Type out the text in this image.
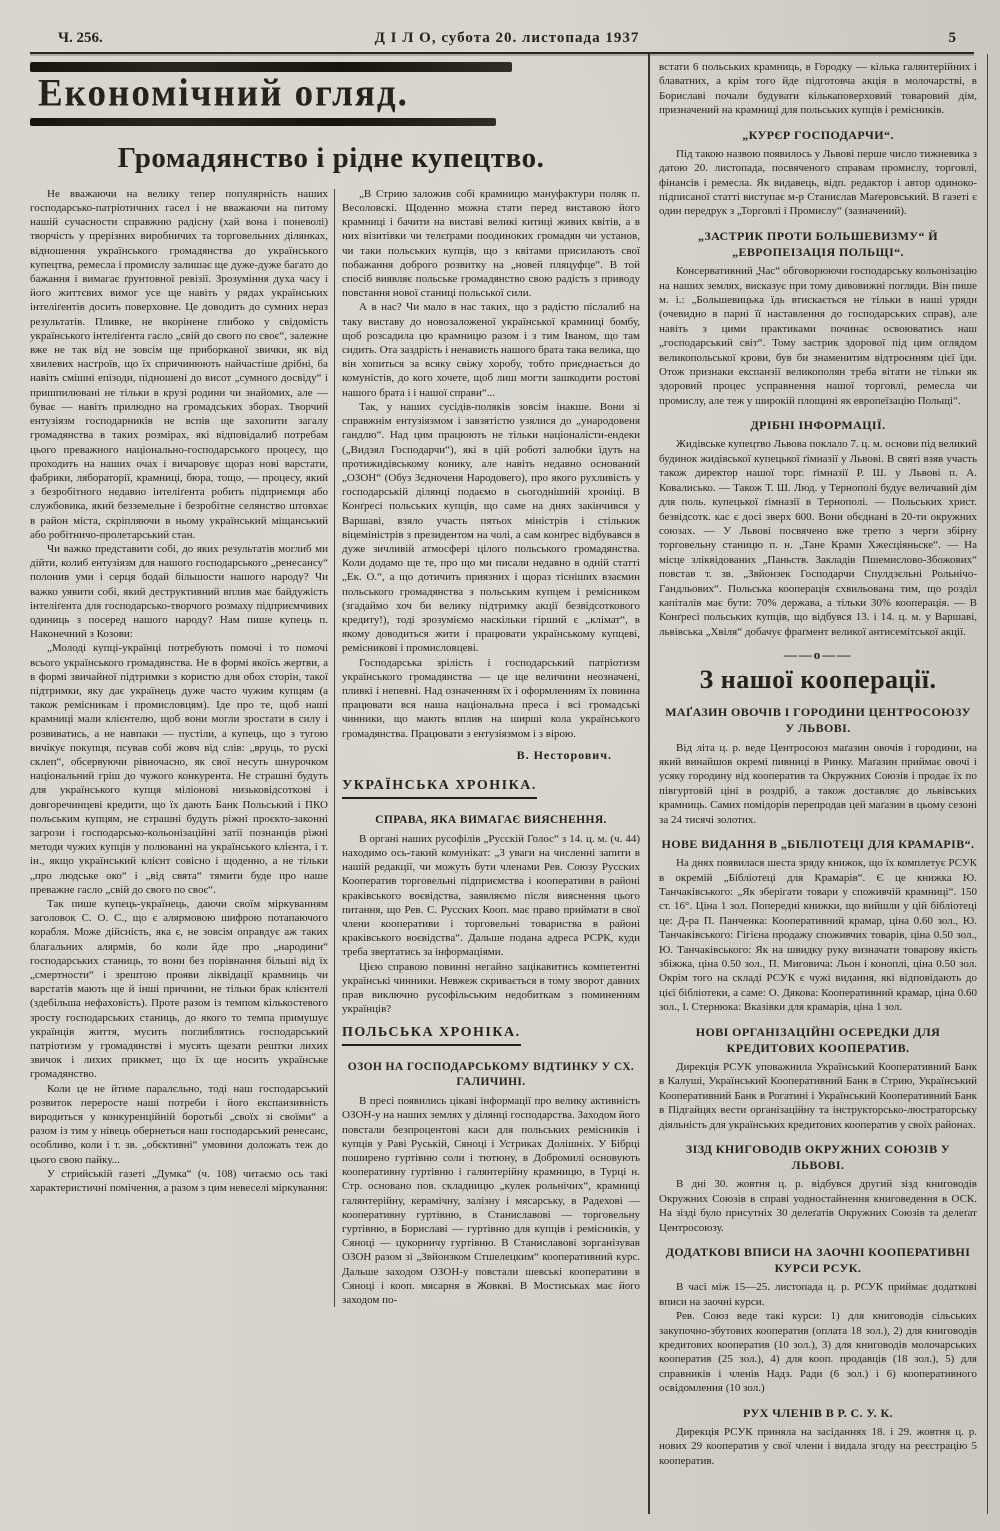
Ч. 256.	Д І Л О, субота 20. листопада 1937	5
Економічний огляд.
Громадянство і рідне купецтво.

Не вважаючи на велику тепер популярність наших господарсько-патріотичних гасел і не вважаючи на питому нашій сучасности справжню радісну (хай вона і поневолі) творчість у прерізних виробничих та торговельних ділянках, відношення українського громадянства до українського купецтва, ремесла і промислу залишає ще дуже-дуже багато до бажання і вимагає ґрунтовної ревізії. Зрозуміння духа часу і його життєвих вимог усе ще навіть у рядах українських інтеліґентів досить поверховне. Це доводить до сумних нераз результатів. Пливке, не вкорінене глибоко у свідомість українського інтеліґента гасло „свій до свого по своє“, залежне вже не так від не зовсім ще приборканої звички, як від хвилевих настроїв, що їх спричинюють найчастіше дрібні, ба навіть смішні епізоди, підношені до висот „сумного досвіду“ і пришпилювані не тільки в крузі родини чи знайомих, але — буває — навіть прилюдно на громадських зборах. Творчий ентузіязм господарників не вспів ще захопити загалу громадянства в таких розмірах, які відповідалиб потребам цього преважного національно-господарського процесу, що проходить на наших очах і вичаровує щораз нові варстати, фабрики, лябораторії, крамниці, бюра, тощо, — процесу, який з безробітного недавно інтеліґента робить підприємця або службовика, який безземельне і безробітне селянство штовхає в район міста, скріпляючи в ньому український міщанський або робітничо-пролетарський стан.

Чи важко представити собі, до яких результатів моглиб ми дійти, колиб ентузіязм для нашого господарського „ренесансу“ полонив уми і серця бодай більшости нашого народу? Чи важко уявити собі, який деструктивний вплив має байдужість інтеліґента для господарсько-творчого розмаху підприємчивих одиниць з посеред нашого народу? Нам пише купець п. Наконечний з Козови:

„Молоді купці-українці потребують помочі і то помочі всього українського громадянства. Не в формі якоїсь жертви, а в формі звичайної підтримки з користю для обох сторін, такої підтримки, яку дає українець дуже часто чужим купцям (а також ремісникам і промисловцям). Іде про те, щоб наші крамниці мали клієнтелю, щоб вони могли зростати в силу і розвиватись, а не навпаки — пустіли, а купець, що з тугою вичікує покупця, псував собі жовч від слів: „вруць, то рускі склеп“, обсервуючи рівночасно, як свої несуть шнурочком національний гріш до чужого конкурента. Не страшні будуть для українського купця міліонові низьковідсоткові і довгоречинцеві кредити, що їх дають Банк Польський і ПКО польським купцям, не страшні будуть ріжні проєкто-законні загрози і господарсько-кольонізаційні затії познанців ріжні методи чужих купців у полюванні на українського клієнта, і т. ін., якщо український клієнт совісно і щоденно, а не тільки „про людське око“ і „від свята“ тямити буде про наше преважне гасло „свій до свого по своє“.

Так пише купець-українець, даючи своїм міркуванням заголовок С. О. С., що є алярмовою шифрою потапаючого корабля. Може дійсність, яка є, не зовсім оправдує аж таких благальних алярмів, бо коли йде про „народини“ господарських станиць, то вони без порівнання більші від їх „смертности“ і зрештою прояви ліквідації крамниць чи варстатів мають ще й інші причини, не тільки брак клієнтелі (здебільша нефаховість). Проте разом із темпом кількостевого зросту господарських станиць, до якого то темпа примушує українців життя, мусить поглиблятись господарський патріотизм у громадянстві і мусять щезати рештки лихих звичок і лихих прикмет, що їх ще носить українське громадянство.

Коли це не йтиме паралєльно, тоді наш господарський розвиток переросте наші потреби і його експанзивність виродиться у конкуренційній боротьбі „своїх зі своїми“ а разом із тим у нівець обернеться наш господарський ренесанс, особливо, коли і т. зв. „обєктивні“ умовини доложать теж до цього свою пайку...

У стрийській газеті „Думка“ (ч. 108) читаємо ось такі характеристичні помічення, а разом з цим невеселі міркування:

„В Стрию заложив собі крамницю мануфактури поляк п. Весоловскі. Щоденно можна стати перед виставою його крамниці і бачити на виставі великі китиці живих квітів, а в них візитівки чи телєґрами поодиноких громадян чи установ, чи таки польських купців, що з квітами присилають свої побажання доброго розвитку на „новей пляцуфце“. В той спосіб виявляє польське громадянство свою радість з приводу повстання нової станиці польської сили.

А в нас? Чи мало в нас таких, що з радістю післалиб на таку виставу до новозаложеної української крамниці бомбу, щоб розсадила цю крамницю разом і з тим Іваном, що там сидить. Ота заздрість і ненависть нашого брата така велика, що він хопиться за всяку свіжу хоробу, тобто приєднається до комуністів, до кого хочете, щоб лиш могти зашкодити ростові нашого брата і і нашої справи“...

Так, у наших сусідів-поляків зовсім інакше. Вони зі справжнім ентузіязмом і завзятістю узялися до „ународовеня гандлю“. Над цим працюють не тільки націоналісти-ендеки („Видзял Господарчи“), які в цій роботі залюбки їдуть на протижидівському конику, але навіть недавно оснований „ОЗОН“ (Обуз Зєдноченя Народовего), про якого рухливість у господарській ділянці подаємо в сьогоднішній хроніці. В Конґресі польських купців, що саме на днях закінчився у Варшаві, взяло участь пятьох міністрів і стількиж віцеміністрів з президентом на чолі, а сам конґрес відбувався в дуже зичливій атмосфері цілого польського громадянства. Коли додамо ще те, про що ми писали недавно в одній статті „Ек. О.“, а що дотичить приязних і щораз тісніших взаємин польського громадянства з польським купцем і ремісником (згадаймо хоч би велику підтримку акції безвідсоткового кредиту!), тоді зрозуміємо наскільки гірший є „клімат“, в якому доводиться жити і працювати українському купцеві, ремісникові і промисловцеві.

Господарська зрілість і господарський патріотизм українського громадянства — це ще величини неозначені, пливкі і непевні. Над означенням їх і оформленням їх повинна працювати вся наша національна преса і всі громадські чинники, що мають вплив на ширші кола українського громадянства. Працювати з ентузіязмом і з вірою.

В. Несторович.
УКРАЇНСЬКА ХРОНІКА.
СПРАВА, ЯКА ВИМАГАЄ ВИЯСНЕННЯ.

В органі наших русофілів „Русскій Голос“ з 14. ц. м. (ч. 44) находимо ось-такий комунікат: „З уваги на численні запити в нашій редакції, чи можуть бути членами Рев. Союзу Русских Кооператив торговельні підприємства і кооперативи в районі краківського воєвідства, заявляємо після вияснення цього питання, що Рев. С. Русских Кооп. має право приймати в свої члени кооперативи і торговельні товариства в районі краківського воєвідства“. Дальше подана адреса РСРК, куди треба звертатись за інформаціями.

Цією справою повинні негайно зацікавитись компетентні українські чинники. Невжеж скривається в тому зворот давних прав виключно русофільським недобиткам з поминенням українців?

ПОЛЬСЬКА ХРОНІКА.
ОЗОН НА ГОСПОДАРСЬКОМУ ВІДТИНКУ У СХ. ГАЛИЧИНІ.

В пресі появились цікаві інформації про велику активність ОЗОН-у на наших землях у ділянці господарства. Заходом його повстали безпроцентові каси для польських ремісників і купців у Раві Руській, Сяноці і Устриках Долішніх. У Бібрці поширено гуртівню соли і тютюну, в Добромилі основують кооперативну гуртівню і галянтерійну крамницю, в Турці н. Стр. основано пов. складницю „кулек рольнічих“, крамниці галянтерійну, керамічну, залізну і мясарську, в Радехові — кооперативну гуртівню, в Станиславові — торговельну гуртівню, в Бориславі — гуртівню для купців і ремісників, у Сяноці — цукорничу гуртівню. В Станиславові зорганізував ОЗОН разом зі „Звйонзком Стшелецким“ кооперативний курс. Дальше заходом ОЗОН-у повстали шевські кооперативи в Сяноці і кооп. мясарня в Жовкві. В Мостиськах має його заходом по-

встати 6 польських крамниць, в Городку — кілька галянтерійних і блаватних, а крім того йде підготовча акція в молочарстві, в Бориславі почали будувати кількаповерховий товаровий дім, призначений на крамниці для польських купців і ремісників.

„КУРЄР ГОСПОДАРЧИ“.

Під такою назвою появилось у Львові перше число тижневика з датою 20. листопада, посвяченого справам промислу, торговлі, фінансів і ремесла. Як видавець, відп. редактор і автор одиноко-підписаної статті виступає м-р Станислав Маґеровський. В газеті є один передрук з „Торговлі і Промислу“ (зазначений).

„ЗАСТРИК ПРОТИ БОЛЬШЕВИЗМУ“ Й „ЕВРОПЕІЗАЦІЯ ПОЛЬЩІ“.

Консервативний „Час“ обговорюючи господарську кольонізацію на наших землях, висказує при тому дивовижні погляди. Він пише м. і.: „Большевицька їдь втискається не тільки в наші уряди (очевидно в парні її наставлення до господарських справ), але навіть з цими практиками починає освоюватись наш „господарський світ“. Тому застрик здорової під цим оглядом великопольської крови, був би знаменитим відтроєнням цієї їди. Отож признаки експанзії великополян треба вітати не тільки як здоровий процес усправнення нашої торговлі, ремесла чи промислу, але теж у широкій площині як европеїзацію Польщі“.

ДРІБНІ ІНФОРМАЦІЇ.

Жидівське купецтво Львова поклало 7. ц. м. основи під великий будинок жидівської купецької ґімназії у Львові. В святі взяв участь також директор нашої торг. ґімназії Р. Ш. у Львові п. А. Ковалисько. — Також Т. Ш. Люд. у Тернополі будує величавий дім для поль. купецької ґімназії в Тернополі. — Польських христ. безвідсотк. кас є досі зверх 600. Вони обєднані в 20-ти окружних союзах. — У Львові посвячено вже третю з черги збірну торговельну станицю п. н. „Тане Крами Хжесціяньске“. — На місце зліквідованих „Паньств. Закладів Пшемислово-Збожових“ повстав т. зв. „Звйонзек Господарчи Спулдзєльні Рольнічо-Гандльових“. Польська кооперація схвильована тим, що розділ капіталів має бути: 70% держава, а тільки 30% кооперація. — В Конґресі польських купців, що відбувся 13. і 14. ц. м. у Варшаві, львівська „Хвіля“ добачує фраґмент великої антисемітської акції.

——о——
З нашої кооперації.
МАҐАЗИН ОВОЧІВ І ГОРОДИНИ ЦЕНТРОСОЮЗУ У ЛЬВОВІ.

Від літа ц. р. веде Центросоюз маґазин овочів і городини, на який винайшов окремі пивниці в Ринку. Маґазин приймає овочі і усяку городину від кооператив та Окружних Союзів і продає їх по півгуртовій ціні в роздріб, а також доставляє до львівських крамниць. Самих помідорів перепродав цей маґазин в цьому сезоні за 24 тисячі золотих.

НОВЕ ВИДАННЯ В „БІБЛІОТЕЦІ ДЛЯ КРАМАРІВ“.

На днях появилася шеста зряду книжок, що їх комплетує РСУК в окремій „Бібліотеці для Крамарів“. Є це книжка Ю. Танчаківського: „Як зберігати товари у споживчій крамниці“. 150 ст. 16°. Ціна 1 зол. Попередні книжки, що вийшли у цій бібліотеці це: Д-ра П. Панченка: Кооперативний крамар, ціна 0.60 зол., Ю. Танчаківського: Гігієна продажу споживчих товарів, ціна 0.50 зол., Ю. Танчаківського: Як на швидку руку визначати товарову якість збіжжа, ціна 0.50 зол., П. Миговича: Льон і коноплі, ціна 0.50 зол. Окрім того на складі РСУК є чужі видання, які відповідають до цієї бібліотеки, а саме: О. Дякова: Кооперативний крамар, ціна 0.60 зол., І. Стернюка: Вказівки для крамарів, ціна 1 зол.

НОВІ ОРГАНІЗАЦІЙНІ ОСЕРЕДКИ ДЛЯ КРЕДИТОВИХ КООПЕРАТИВ.

Дирекція РСУК уповажнила Український Кооперативний Банк в Калуші, Український Кооперативний Банк в Стрию, Український Кооперативний Банк в Рогатині і Український Кооперативний Банк в Підгайцях вести організаційну та інструкторсько-люстраторську діяльність для українських кредитових кооператив у своїх районах.

ЗІЗД КНИГОВОДІВ ОКРУЖНИХ СОЮЗІВ У ЛЬВОВІ.

В дні 30. жовтня ц. р. відбувся другий зізд книговодів Окружних Союзів в справі уодностайнення книговедення в ОСК. На зізді було присутніх 30 делеґатів Окружних Союзів та делеґат Центросоюзу.

ДОДАТКОВІ ВПИСИ НА ЗАОЧНІ КООПЕРАТИВНІ КУРСИ РСУК.

В часі між 15—25. листопада ц. р. РСУК приймає додаткові вписи на заочні курси.

Рев. Союз веде такі курси: 1) для книговодів сільських закупочно-збутових кооператив (оплата 18 зол.), 2) для книговодів кредитових кооператив (10 зол.), 3) для книговодів молочарських кооператив (25 зол.), 4) для кооп. продавців (18 зол.), 5) для справників і членів Надз. Ради (6 зол.) і 6) кооперативного освідомлення (10 зол.)

РУХ ЧЛЕНІВ В Р. С. У. К.

Дирекція РСУК приняла на засіданнях 18. і 29. жовтня ц. р. нових 29 кооператив у свої члени і видала згоду на реєстрацію 5 кооператив.
